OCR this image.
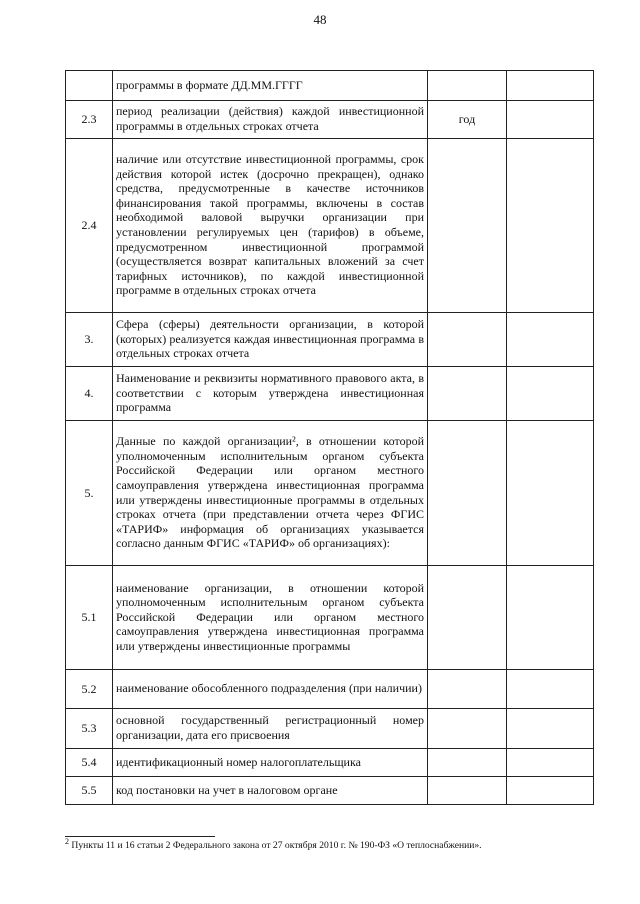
48
	программы в формате ДД.ММ.ГГГГ		
2.3	период реализации (действия) каждой инвестиционной программы в отдельных строках отчета	год	
2.4	наличие или отсутствие инвестиционной программы, срок действия которой истек (досрочно прекращен), однако средства, предусмотренные в качестве источников финансирования такой программы, включены в состав необходимой валовой выручки организации при установлении регулируемых цен (тарифов) в объеме, предусмотренном инвестиционной программой (осуществляется возврат капитальных вложений за счет тарифных источников), по каждой инвестиционной программе в отдельных строках отчета		
3.	Сфера (сферы) деятельности организации, в которой (которых) реализуется каждая инвестиционная программа в отдельных строках отчета		
4.	Наименование и реквизиты нормативного правового акта, в соответствии с которым утверждена инвестиционная программа		
5.	Данные по каждой организации², в отношении которой уполномоченным исполнительным органом субъекта Российской Федерации или органом местного самоуправления утверждена инвестиционная программа или утверждены инвестиционные программы в отдельных строках отчета (при представлении отчета через ФГИС «ТАРИФ» информация об организациях указывается согласно данным ФГИС «ТАРИФ» об организациях):		
5.1	наименование организации, в отношении которой уполномоченным исполнительным органом субъекта Российской Федерации или органом местного самоуправления утверждена инвестиционная программа или утверждены инвестиционные программы		
5.2	наименование обособленного подразделения (при наличии)		
5.3	основной государственный регистрационный номер организации, дата его присвоения		
5.4	идентификационный номер налогоплательщика		
5.5	код постановки на учет в налоговом органе		
$^2$ Пункты 11 и 16 статьи 2 Федерального закона от 27 октября 2010 г. № 190-ФЗ «О теплоснабжении».
